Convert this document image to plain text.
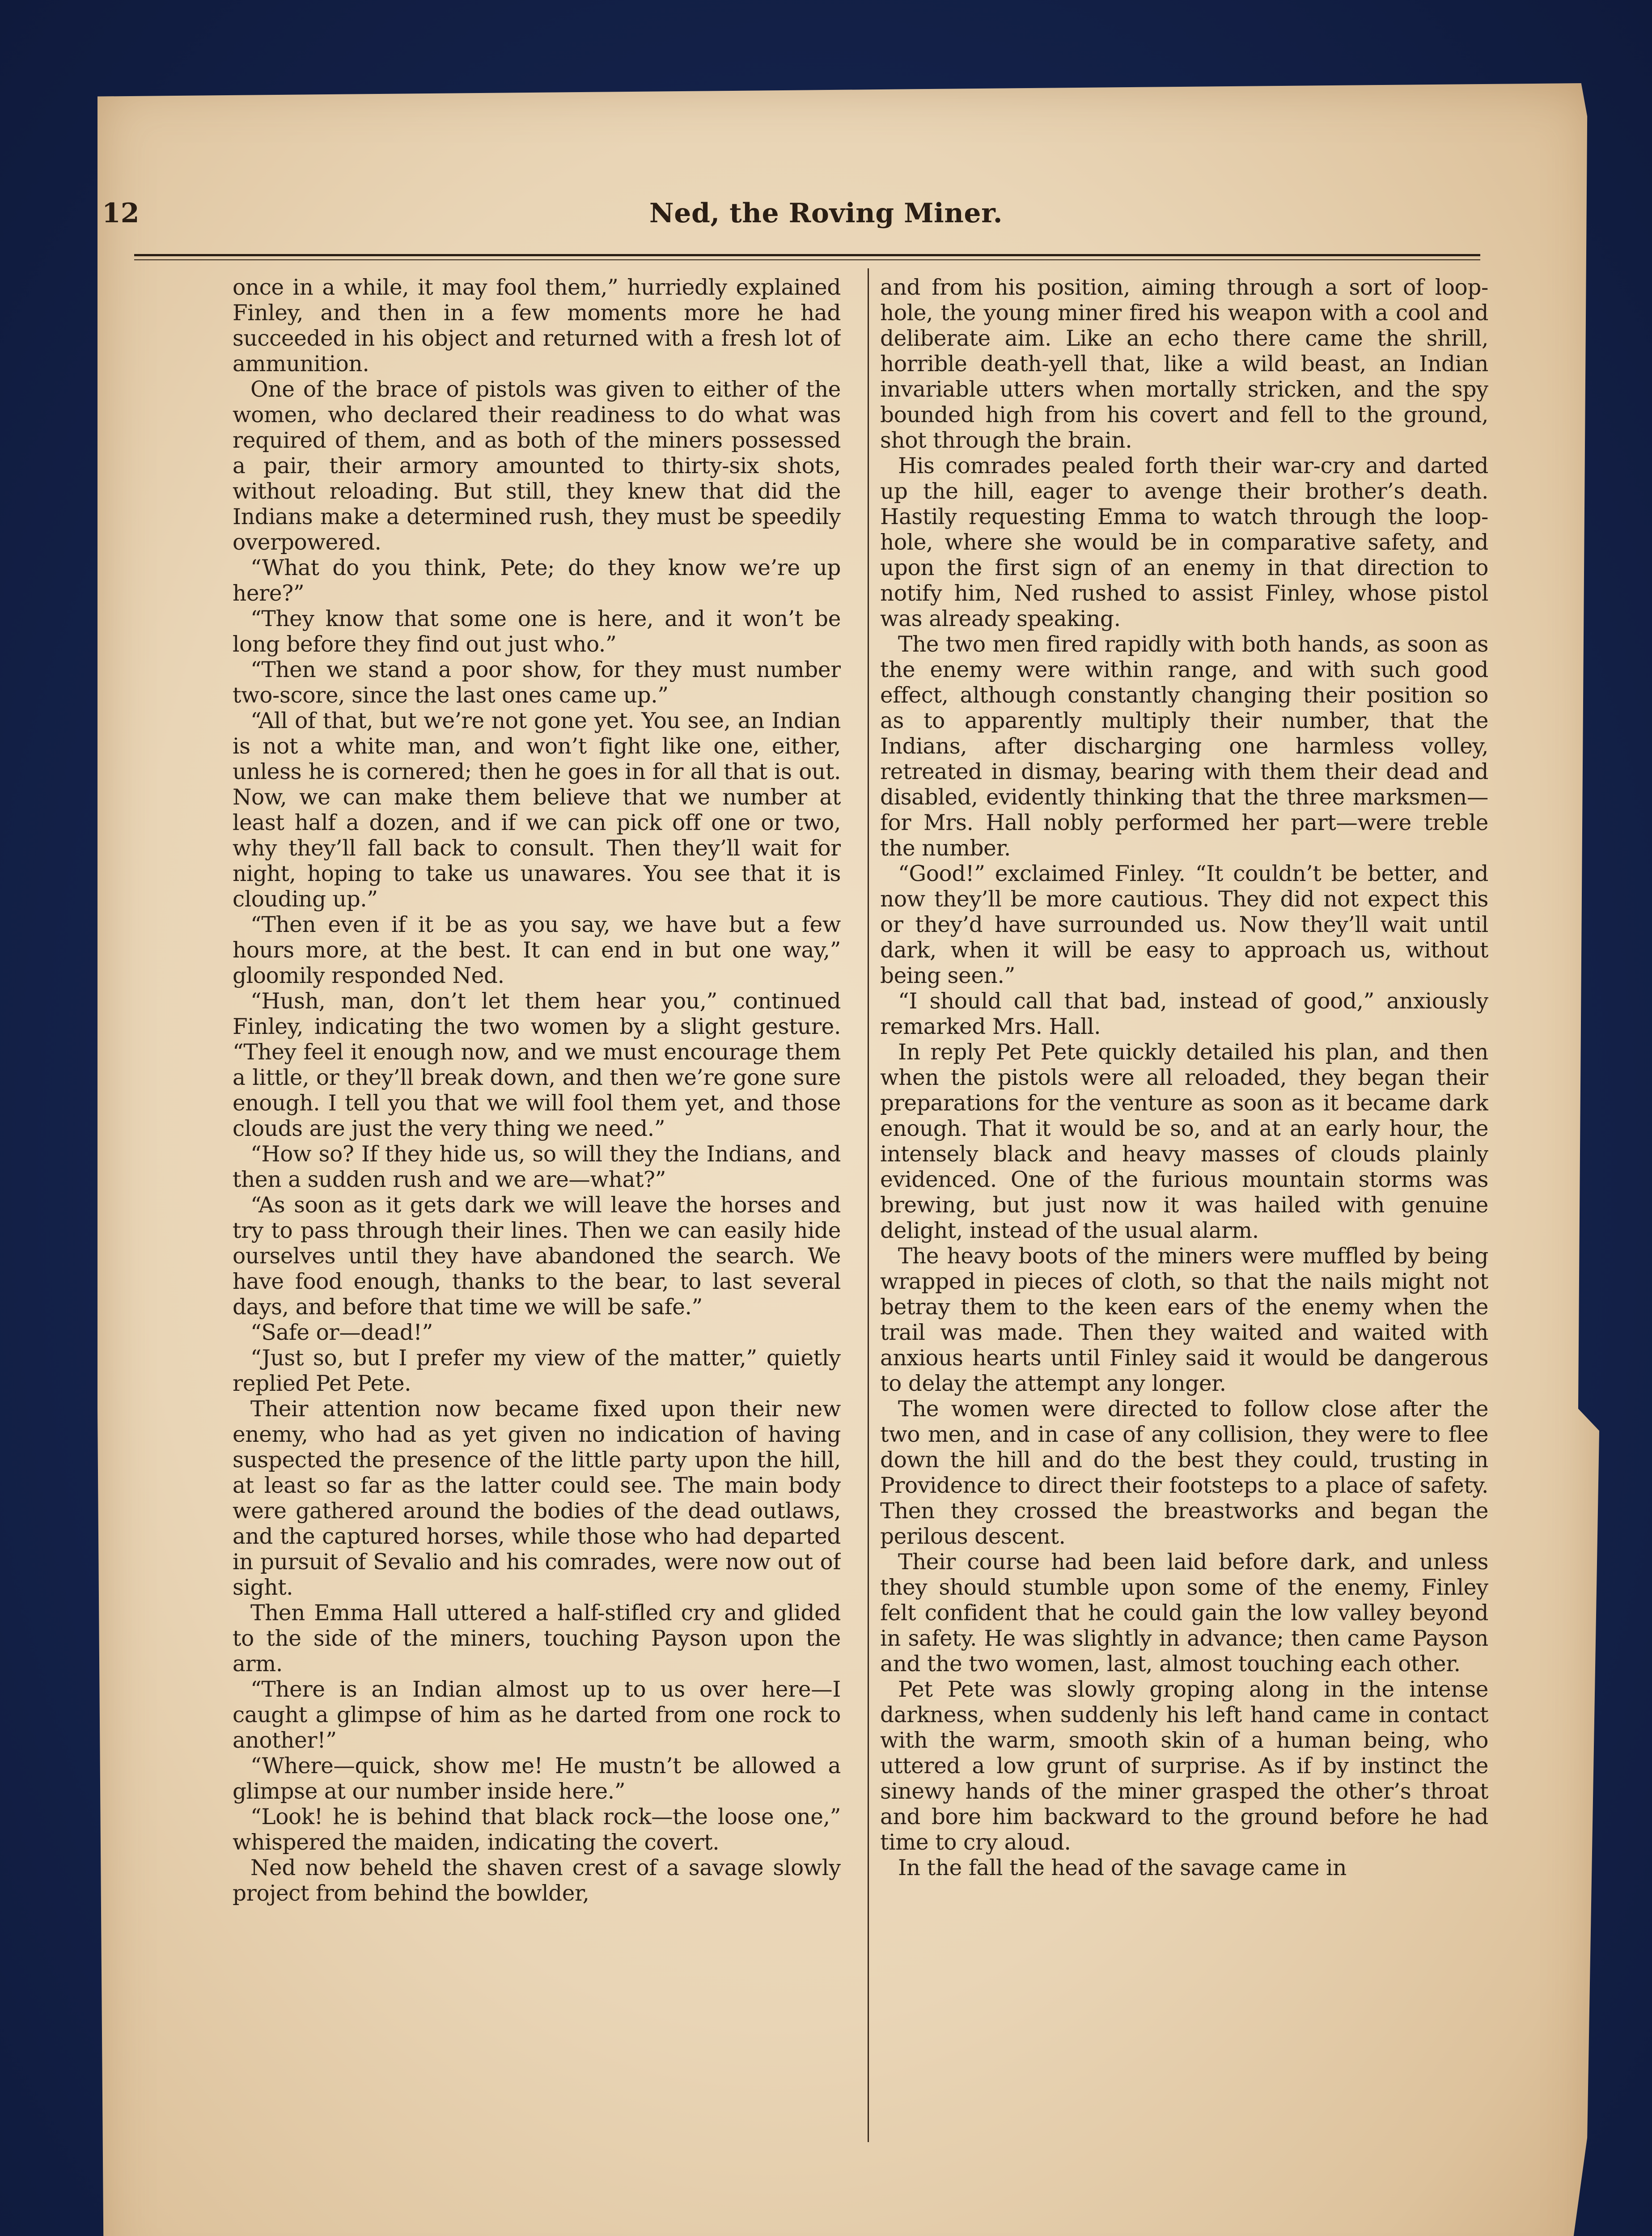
12	Ned, the Roving Miner.

once in a while, it may fool them,” hurriedly explained Finley, and then in a few moments more he had succeeded in his object and returned with a fresh lot of ammunition.

One of the brace of pistols was given to either of the women, who declared their readiness to do what was required of them, and as both of the miners possessed a pair, their armory amounted to thirty-six shots, without reloading. But still, they knew that did the Indians make a determined rush, they must be speedily overpowered.

“What do you think, Pete; do they know we’re up here?”

“They know that some one is here, and it won’t be long before they find out just who.”

“Then we stand a poor show, for they must number two-score, since the last ones came up.”

“All of that, but we’re not gone yet. You see, an Indian is not a white man, and won’t fight like one, either, unless he is cornered; then he goes in for all that is out. Now, we can make them believe that we number at least half a dozen, and if we can pick off one or two, why they’ll fall back to consult. Then they’ll wait for night, hoping to take us unawares. You see that it is clouding up.”

“Then even if it be as you say, we have but a few hours more, at the best. It can end in but one way,” gloomily responded Ned.

“Hush, man, don’t let them hear you,” continued Finley, indicating the two women by a slight gesture. “They feel it enough now, and we must encourage them a little, or they’ll break down, and then we’re gone sure enough. I tell you that we will fool them yet, and those clouds are just the very thing we need.”

“How so? If they hide us, so will they the Indians, and then a sudden rush and we are—what?”

“As soon as it gets dark we will leave the horses and try to pass through their lines. Then we can easily hide ourselves until they have abandoned the search. We have food enough, thanks to the bear, to last several days, and before that time we will be safe.”

“Safe or—dead!”

“Just so, but I prefer my view of the matter,” quietly replied Pet Pete.

Their attention now became fixed upon their new enemy, who had as yet given no indication of having suspected the presence of the little party upon the hill, at least so far as the latter could see. The main body were gathered around the bodies of the dead outlaws, and the captured horses, while those who had departed in pursuit of Sevalio and his comrades, were now out of sight.

Then Emma Hall uttered a half-stifled cry and glided to the side of the miners, touching Payson upon the arm.

“There is an Indian almost up to us over here—I caught a glimpse of him as he darted from one rock to another!”

“Where—quick, show me! He mustn’t be allowed a glimpse at our number inside here.”

“Look! he is behind that black rock—the loose one,” whispered the maiden, indicating the covert.

Ned now beheld the shaven crest of a savage slowly project from behind the bowlder,

and from his position, aiming through a sort of loop-hole, the young miner fired his weapon with a cool and deliberate aim. Like an echo there came the shrill, horrible death-yell that, like a wild beast, an Indian invariable utters when mortally stricken, and the spy bounded high from his covert and fell to the ground, shot through the brain.

His comrades pealed forth their war-cry and darted up the hill, eager to avenge their brother’s death. Hastily requesting Emma to watch through the loop-hole, where she would be in comparative safety, and upon the first sign of an enemy in that direction to notify him, Ned rushed to assist Finley, whose pistol was already speaking.

The two men fired rapidly with both hands, as soon as the enemy were within range, and with such good effect, although constantly changing their position so as to apparently multiply their number, that the Indians, after discharging one harmless volley, retreated in dismay, bearing with them their dead and disabled, evidently thinking that the three marksmen—for Mrs. Hall nobly performed her part—were treble the number.

“Good!” exclaimed Finley. “It couldn’t be better, and now they’ll be more cautious. They did not expect this or they’d have surrounded us. Now they’ll wait until dark, when it will be easy to approach us, without being seen.”

“I should call that bad, instead of good,” anxiously remarked Mrs. Hall.

In reply Pet Pete quickly detailed his plan, and then when the pistols were all reloaded, they began their preparations for the venture as soon as it became dark enough. That it would be so, and at an early hour, the intensely black and heavy masses of clouds plainly evidenced. One of the furious mountain storms was brewing, but just now it was hailed with genuine delight, instead of the usual alarm.

The heavy boots of the miners were muffled by being wrapped in pieces of cloth, so that the nails might not betray them to the keen ears of the enemy when the trail was made. Then they waited and waited with anxious hearts until Finley said it would be dangerous to delay the attempt any longer.

The women were directed to follow close after the two men, and in case of any collision, they were to flee down the hill and do the best they could, trusting in Providence to direct their footsteps to a place of safety. Then they crossed the breastworks and began the perilous descent.

Their course had been laid before dark, and unless they should stumble upon some of the enemy, Finley felt confident that he could gain the low valley beyond in safety. He was slightly in advance; then came Payson and the two women, last, almost touching each other.

Pet Pete was slowly groping along in the intense darkness, when suddenly his left hand came in contact with the warm, smooth skin of a human being, who uttered a low grunt of surprise. As if by instinct the sinewy hands of the miner grasped the other’s throat and bore him backward to the ground before he had time to cry aloud.

In the fall the head of the savage came in
